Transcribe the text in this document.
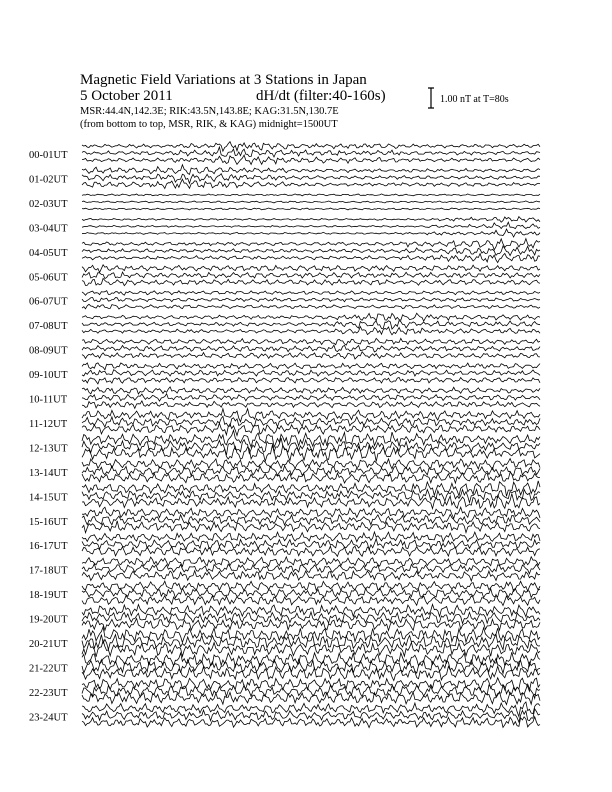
Magnetic Field Variations at 3 Stations in Japan
5 October 2011	dH/dt (filter:40-160s)
MSR:44.4N,142.3E; RIK:43.5N,143.8E; KAG:31.5N,130.7E
(from bottom to top, MSR, RIK, & KAG) midnight=1500UT
1.00 nT at T=80s
00-01UT
01-02UT
02-03UT
03-04UT
04-05UT
05-06UT
06-07UT
07-08UT
08-09UT
09-10UT
10-11UT
11-12UT
12-13UT
13-14UT
14-15UT
15-16UT
16-17UT
17-18UT
18-19UT
19-20UT
20-21UT
21-22UT
22-23UT
23-24UT
